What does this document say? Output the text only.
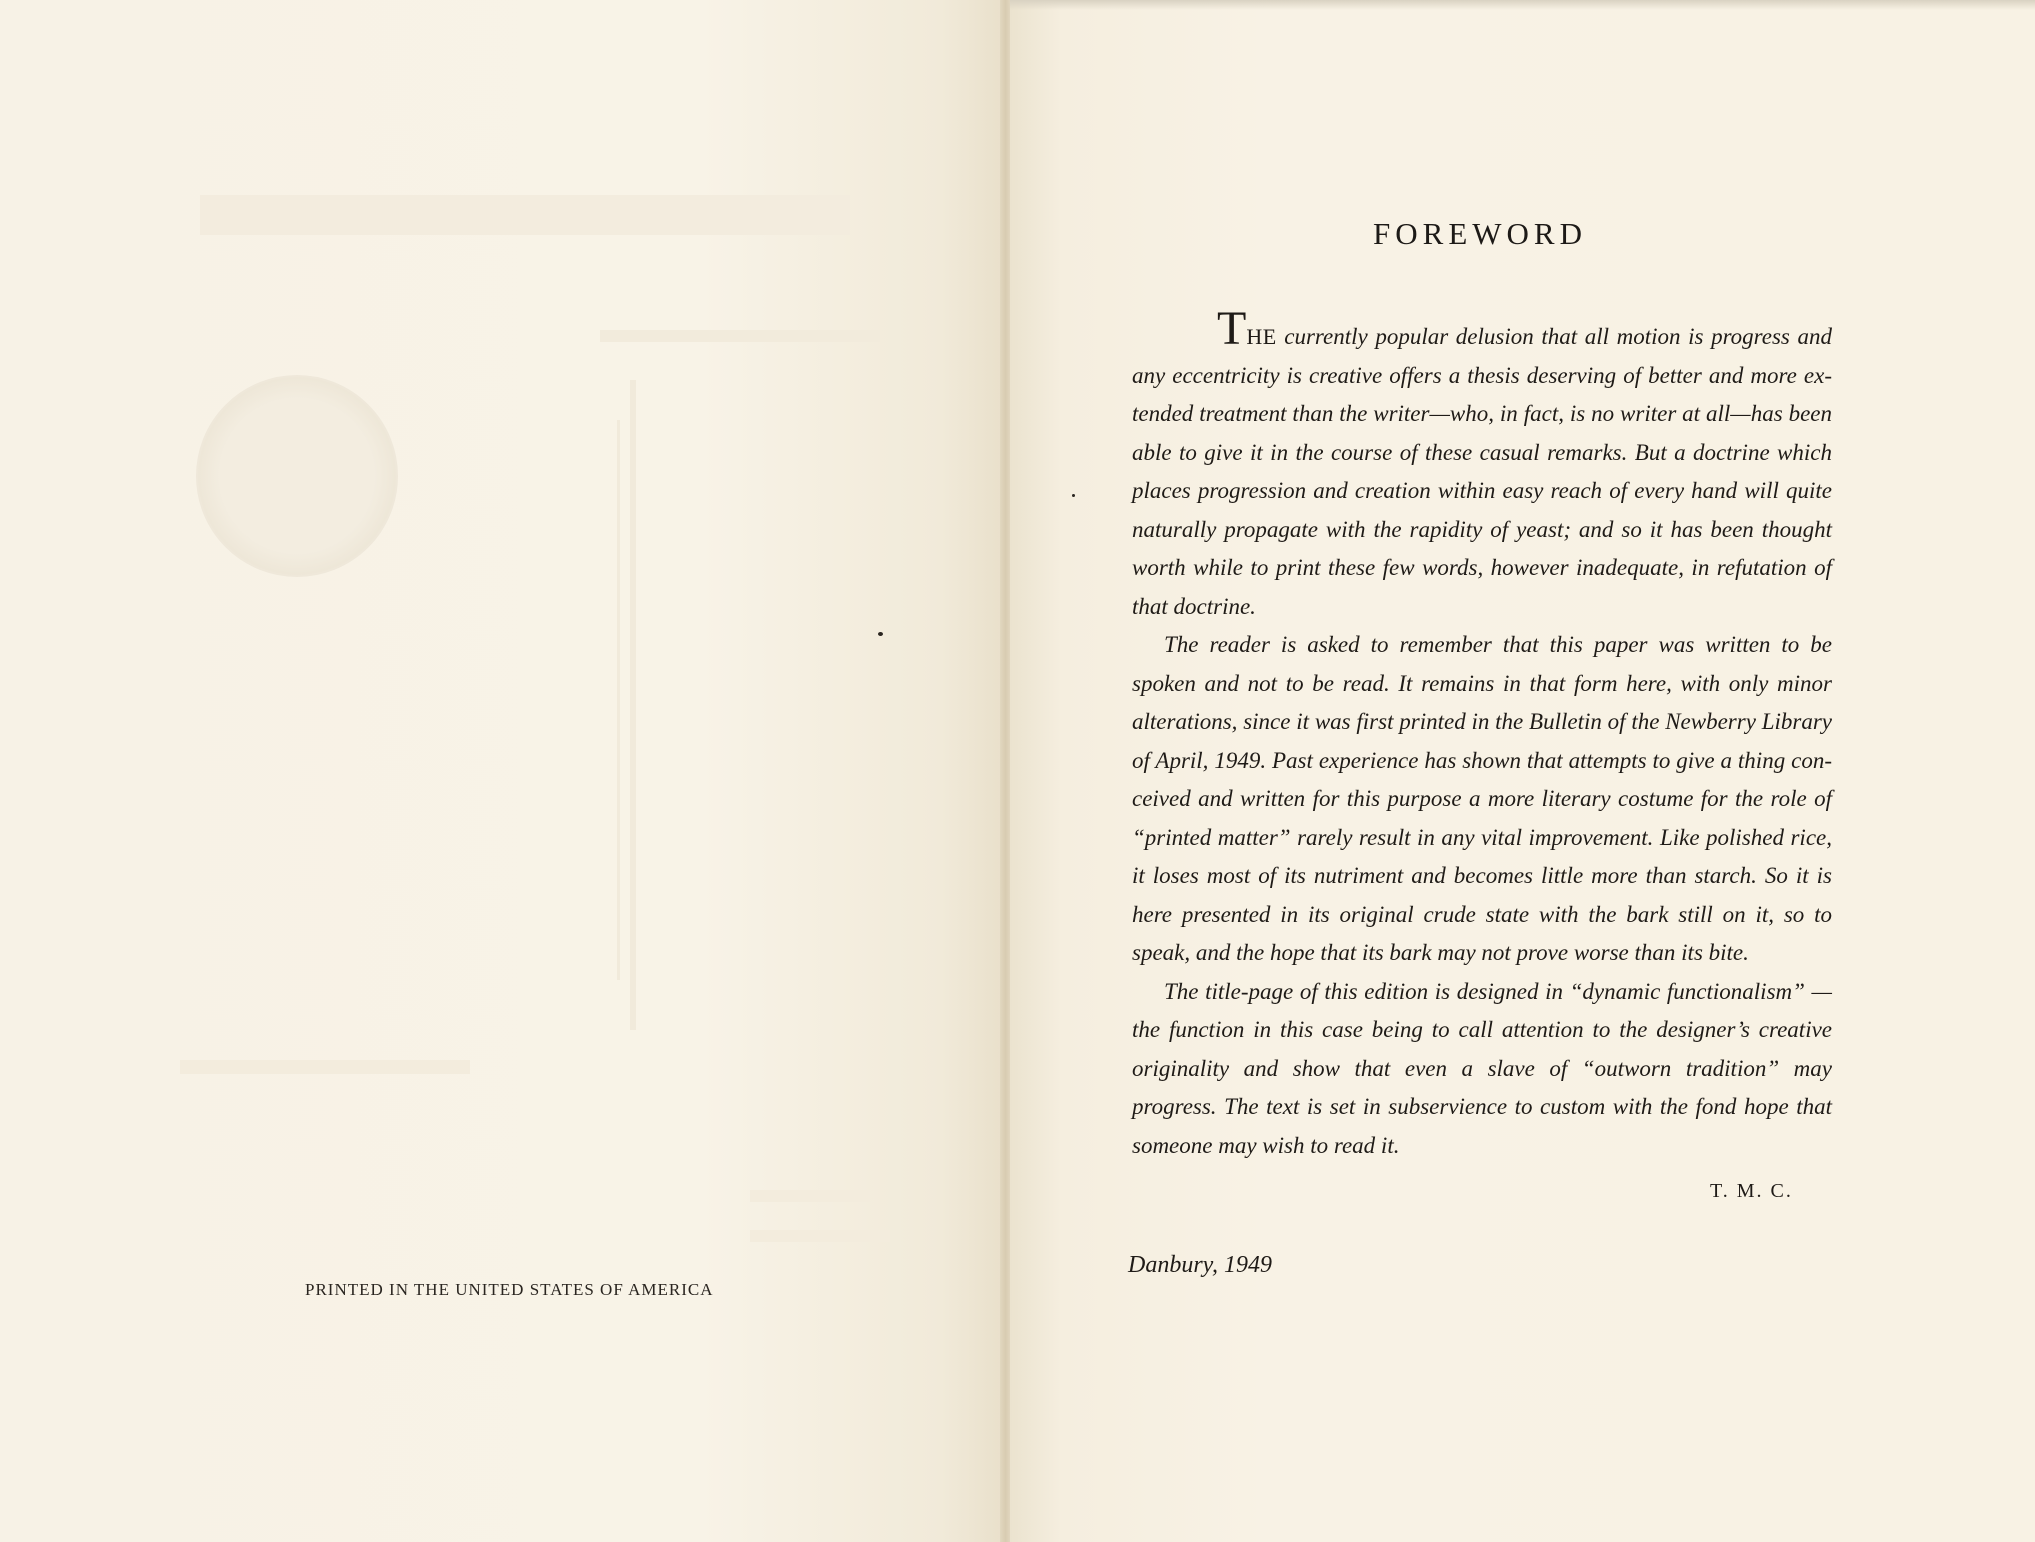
PRINTED IN THE UNITED STATES OF AMERICA
FOREWORD

THE currently popular delusion that all motion is progress and any eccentricity is creative offers a thesis deserving of better and more extended treatment than the writer—who, in fact, is no writer at all—has been able to give it in the course of these casual remarks. But a doctrine which places progression and creation within easy reach of every hand will quite naturally propagate with the rapidity of yeast; and so it has been thought worth while to print these few words, however inadequate, in refutation of that doctrine.

The reader is asked to remember that this paper was written to be spoken and not to be read. It remains in that form here, with only minor alterations, since it was first printed in the Bulletin of the Newberry Library of April, 1949. Past experience has shown that attempts to give a thing conceived and written for this purpose a more literary costume for the role of “printed matter” rarely result in any vital improvement. Like polished rice, it loses most of its nutriment and becomes little more than starch. So it is here presented in its original crude state with the bark still on it, so to speak, and the hope that its bark may not prove worse than its bite.

The title-page of this edition is designed in “dynamic functionalism” —the function in this case being to call attention to the designer’s creative originality and show that even a slave of “outworn tradition” may progress. The text is set in subservience to custom with the fond hope that someone may wish to read it.

T. M. C.
Danbury, 1949
